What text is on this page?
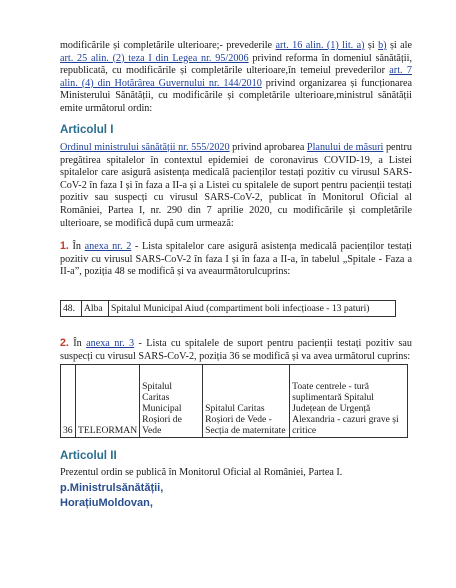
modificările și completările ulterioare;- prevederile art. 16 alin. (1) lit. a) și b) și ale art. 25 alin. (2) teza I din Legea nr. 95/2006 privind reforma în domeniul sănătății, republicată, cu modificările și completările ulterioare,în temeiul prevederilor art. 7 alin. (4) din Hotărârea Guvernului nr. 144/2010 privind organizarea și funcționarea Ministerului Sănătății, cu modificările și completările ulterioare,ministrul sănătății emite următorul ordin:

Articolul I

Ordinul ministrului sănătății nr. 555/2020 privind aprobarea Planului de măsuri pentru pregătirea spitalelor în contextul epidemiei de coronavirus COVID-19, a Listei spitalelor care asigură asistența medicală pacienților testați pozitiv cu virusul SARS-CoV-2 în faza I și în faza a II-a și a Listei cu spitalele de suport pentru pacienții testați pozitiv sau suspecți cu virusul SARS-CoV-2, publicat în Monitorul Oficial al României, Partea I, nr. 290 din 7 aprilie 2020, cu modificările și completările ulterioare, se modifică după cum urmează:

1. În anexa nr. 2 - Lista spitalelor care asigură asistența medicală pacienților testați pozitiv cu virusul SARS-CoV-2 în faza I și în faza a II-a, în tabelul „Spitale - Faza a II-a”, poziția 48 se modifică și va aveaurmătorulcuprins:

48.	Alba	Spitalul Municipal Aiud (compartiment boli infecțioase - 13 paturi)

2. În anexa nr. 3 - Lista cu spitalele de suport pentru pacienții testați pozitiv sau suspecți cu virusul SARS-CoV-2, poziția 36 se modifică și va avea următorul cuprins:

36	TELEORMAN	Spitalul Caritas Municipal Roșiori de Vede	Spitalul Caritas Roșiori de Vede - Secția de maternitate	Toate centrele - tură suplimentară Spitalul Județean de Urgență Alexandria - cazuri grave și critice
Articolul II

Prezentul ordin se publică în Monitorul Oficial al României, Partea I.

p.Ministrulsănătății,

HorațiuMoldovan,
